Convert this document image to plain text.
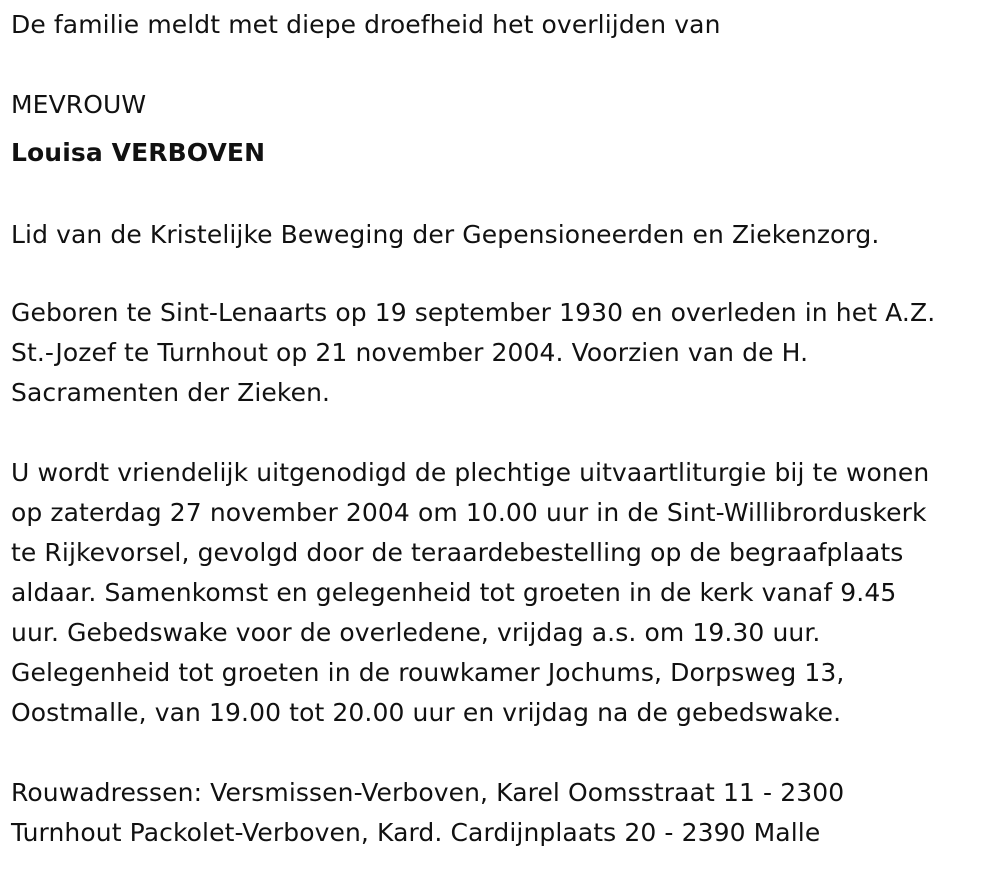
De familie meldt met diepe droefheid het overlijden van
MEVROUW
Louisa VERBOVEN
Lid van de Kristelijke Beweging der Gepensioneerden en Ziekenzorg.
Geboren te Sint-Lenaarts op 19 september 1930 en overleden in het A.Z.
St.-Jozef te Turnhout op 21 november 2004. Voorzien van de H.
Sacramenten der Zieken.
U wordt vriendelijk uitgenodigd de plechtige uitvaartliturgie bij te wonen
op zaterdag 27 november 2004 om 10.00 uur in de Sint-Willibrorduskerk
te Rijkevorsel, gevolgd door de teraardebestelling op de begraafplaats
aldaar. Samenkomst en gelegenheid tot groeten in de kerk vanaf 9.45
uur. Gebedswake voor de overledene, vrijdag a.s. om 19.30 uur.
Gelegenheid tot groeten in de rouwkamer Jochums, Dorpsweg 13,
Oostmalle, van 19.00 tot 20.00 uur en vrijdag na de gebedswake.
Rouwadressen: Versmissen-Verboven, Karel Oomsstraat 11 - 2300
Turnhout Packolet-Verboven, Kard. Cardijnplaats 20 - 2390 Malle
